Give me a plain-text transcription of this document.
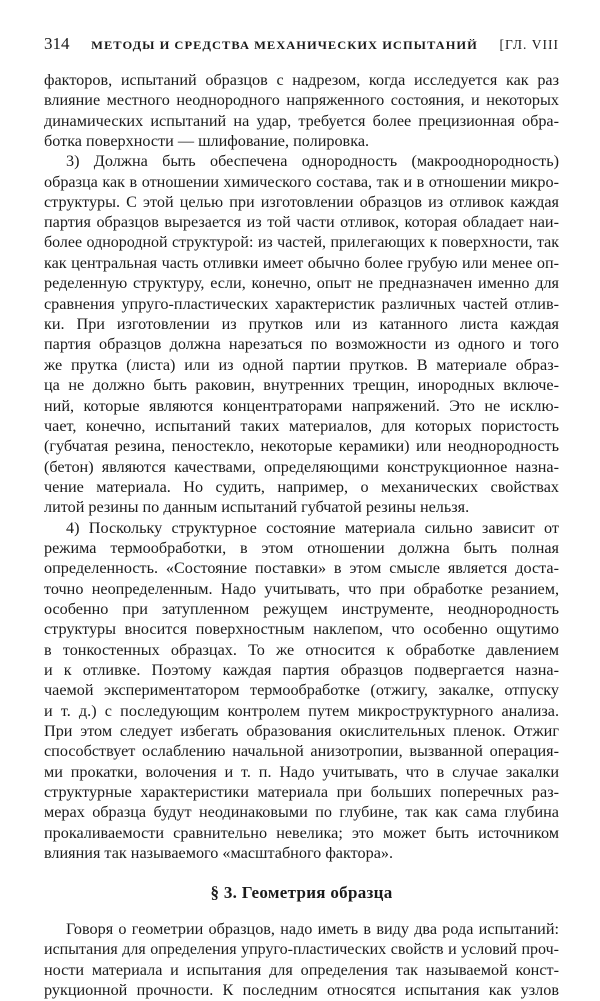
314 МЕТОДЫ И СРЕДСТВА МЕХАНИЧЕСКИХ ИСПЫТАНИЙ [ГЛ. VIII
факторов, испытаний образцов с надрезом, когда исследуется как раз
влияние местного неоднородного напряженного состояния, и некоторых
динамических испытаний на удар, требуется более прецизионная обра-
ботка поверхности — шлифование, полировка.
3) Должна быть обеспечена однородность (макрооднородность)
образца как в отношении химического состава, так и в отношении микро-
структуры. С этой целью при изготовлении образцов из отливок каждая
партия образцов вырезается из той части отливок, которая обладает наи-
более однородной структурой: из частей, прилегающих к поверхности, так
как центральная часть отливки имеет обычно более грубую или менее оп-
ределенную структуру, если, конечно, опыт не предназначен именно для
сравнения упруго-пластических характеристик различных частей отлив-
ки. При изготовлении из прутков или из катанного листа каждая
партия образцов должна нарезаться по возможности из одного и того
же прутка (листа) или из одной партии прутков. В материале образ-
ца не должно быть раковин, внутренних трещин, инородных включе-
ний, которые являются концентраторами напряжений. Это не исклю-
чает, конечно, испытаний таких материалов, для которых пористость
(губчатая резина, пеностекло, некоторые керамики) или неоднородность
(бетон) являются качествами, определяющими конструкционное назна-
чение материала. Но судить, например, о механических свойствах
литой резины по данным испытаний губчатой резины нельзя.
4) Поскольку структурное состояние материала сильно зависит от
режима термообработки, в этом отношении должна быть полная
определенность. «Состояние поставки» в этом смысле является доста-
точно неопределенным. Надо учитывать, что при обработке резанием,
особенно при затупленном режущем инструменте, неоднородность
структуры вносится поверхностным наклепом, что особенно ощутимо
в тонкостенных образцах. То же относится к обработке давлением
и к отливке. Поэтому каждая партия образцов подвергается назна-
чаемой экспериментатором термообработке (отжигу, закалке, отпуску
и т. д.) с последующим контролем путем микроструктурного анализа.
При этом следует избегать образования окислительных пленок. Отжиг
способствует ослаблению начальной анизотропии, вызванной операция-
ми прокатки, волочения и т. п. Надо учитывать, что в случае закалки
структурные характеристики материала при больших поперечных раз-
мерах образца будут неодинаковыми по глубине, так как сама глубина
прокаливаемости сравнительно невелика; это может быть источником
влияния так называемого «масштабного фактора».
§ 3. Геометрия образца
Говоря о геометрии образцов, надо иметь в виду два рода испытаний:
испытания для определения упруго-пластических свойств и условий проч-
ности материала и испытания для определения так называемой конст-
рукционной прочности. К последним относятся испытания как узлов
